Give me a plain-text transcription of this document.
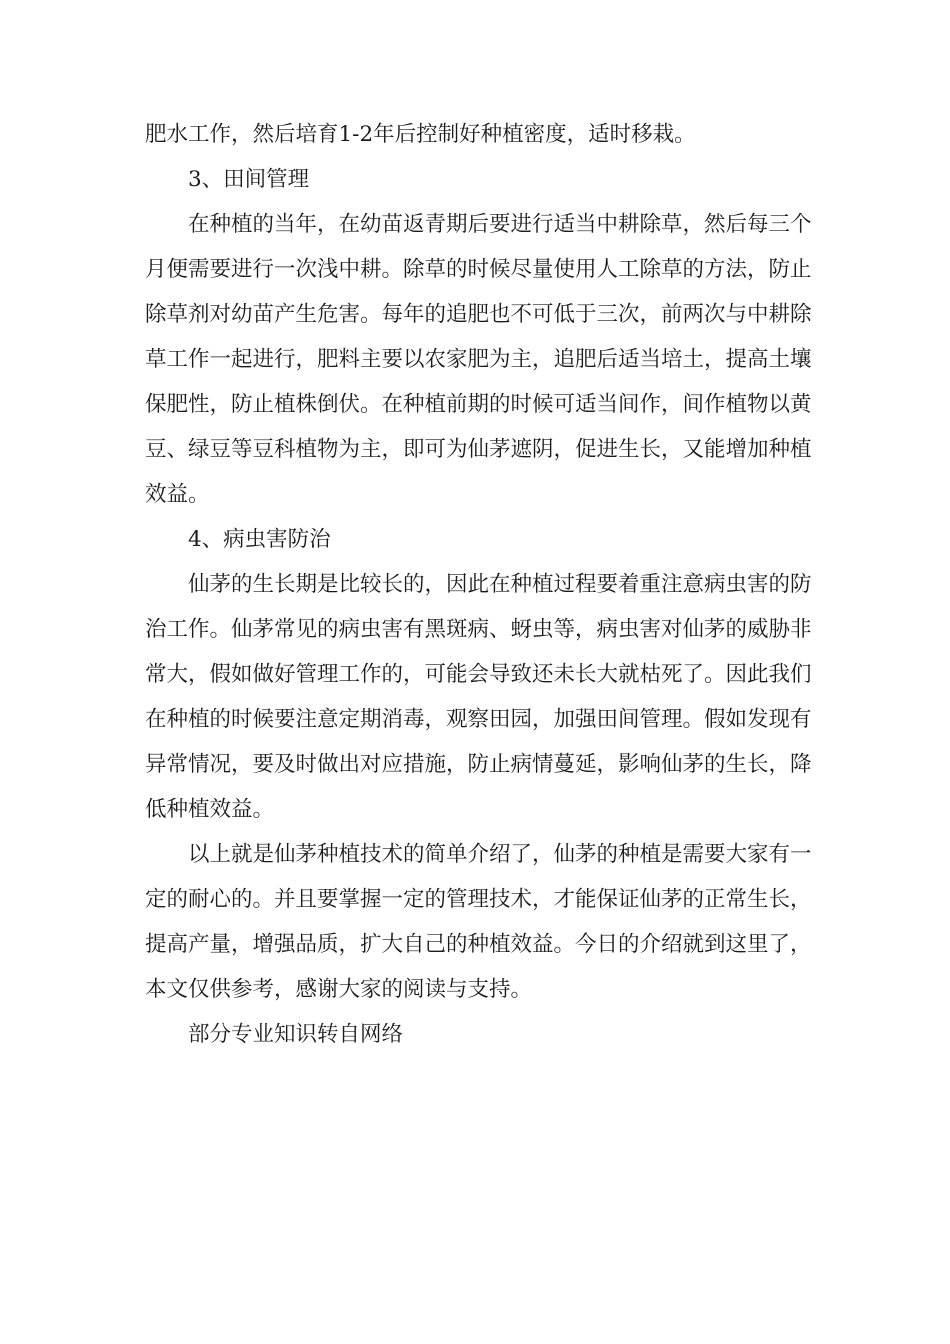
肥水工作，然后培育1-2年后控制好种植密度，适时移栽。

3、田间管理

在种植的当年，在幼苗返青期后要进行适当中耕除草，然后每三个月便需要进行一次浅中耕。除草的时候尽量使用人工除草的方法，防止除草剂对幼苗产生危害。每年的追肥也不可低于三次，前两次与中耕除草工作一起进行，肥料主要以农家肥为主，追肥后适当培土，提高土壤保肥性，防止植株倒伏。在种植前期的时候可适当间作，间作植物以黄豆、绿豆等豆科植物为主，即可为仙茅遮阴，促进生长，又能增加种植效益。

4、病虫害防治

仙茅的生长期是比较长的，因此在种植过程要着重注意病虫害的防治工作。仙茅常见的病虫害有黑斑病、蚜虫等，病虫害对仙茅的威胁非常大，假如做好管理工作的，可能会导致还未长大就枯死了。因此我们在种植的时候要注意定期消毒，观察田园，加强田间管理。假如发现有异常情况，要及时做出对应措施，防止病情蔓延，影响仙茅的生长，降低种植效益。

以上就是仙茅种植技术的简单介绍了，仙茅的种植是需要大家有一定的耐心的。并且要掌握一定的管理技术，才能保证仙茅的正常生长，提高产量，增强品质，扩大自己的种植效益。今日的介绍就到这里了，本文仅供参考，感谢大家的阅读与支持。

部分专业知识转自网络
